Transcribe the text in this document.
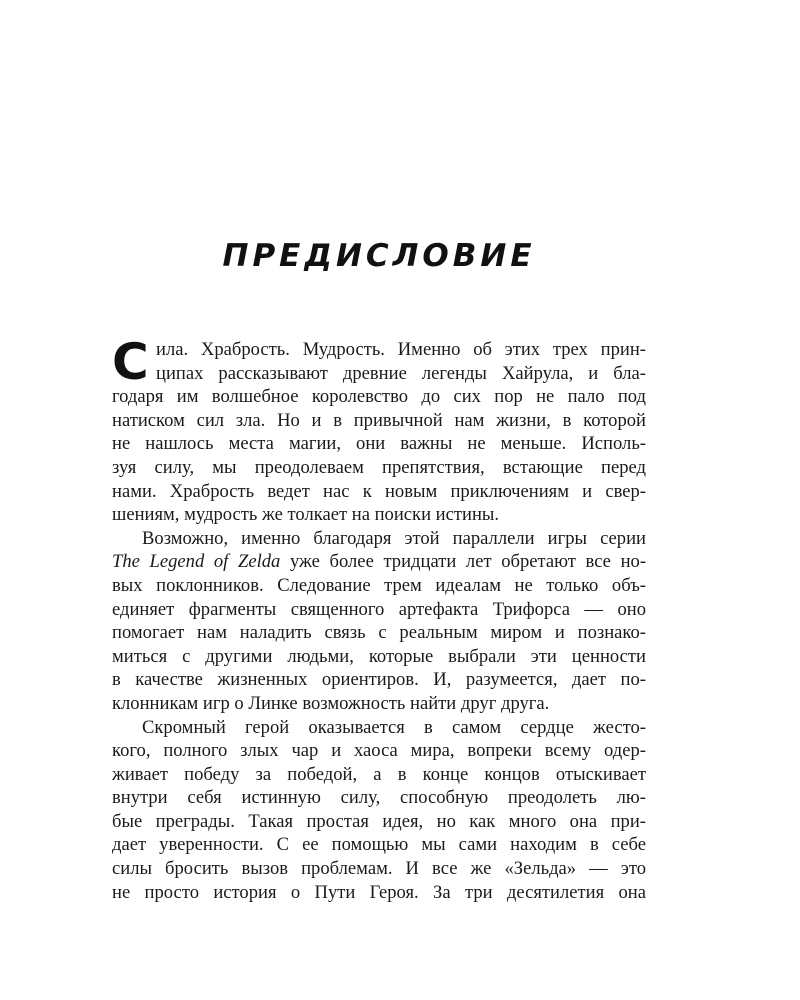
ПРЕДИСЛОВИЕ
С ила. Храбрость. Мудрость. Именно об этих трех прин-
ципах рассказывают древние легенды Хайрула, и бла-
годаря им волшебное королевство до сих пор не пало под
натиском сил зла. Но и в привычной нам жизни, в которой
не нашлось места магии, они важны не меньше. Исполь-
зуя силу, мы преодолеваем препятствия, встающие перед
нами. Храбрость ведет нас к новым приключениям и свер-
шениям, мудрость же толкает на поиски истины.
Возможно, именно благодаря этой параллели игры серии
The Legend of Zelda уже более тридцати лет обретают все но-
вых поклонников. Следование трем идеалам не только объ-
единяет фрагменты священного артефакта Трифорса — оно
помогает нам наладить связь с реальным миром и познако-
миться с другими людьми, которые выбрали эти ценности
в качестве жизненных ориентиров. И, разумеется, дает по-
клонникам игр о Линке возможность найти друг друга.
Скромный герой оказывается в самом сердце жесто-
кого, полного злых чар и хаоса мира, вопреки всему одер-
живает победу за победой, а в конце концов отыскивает
внутри себя истинную силу, способную преодолеть лю-
бые преграды. Такая простая идея, но как много она при-
дает уверенности. С ее помощью мы сами находим в себе
силы бросить вызов проблемам. И все же «Зельда» — это
не просто история о Пути Героя. За три десятилетия она
